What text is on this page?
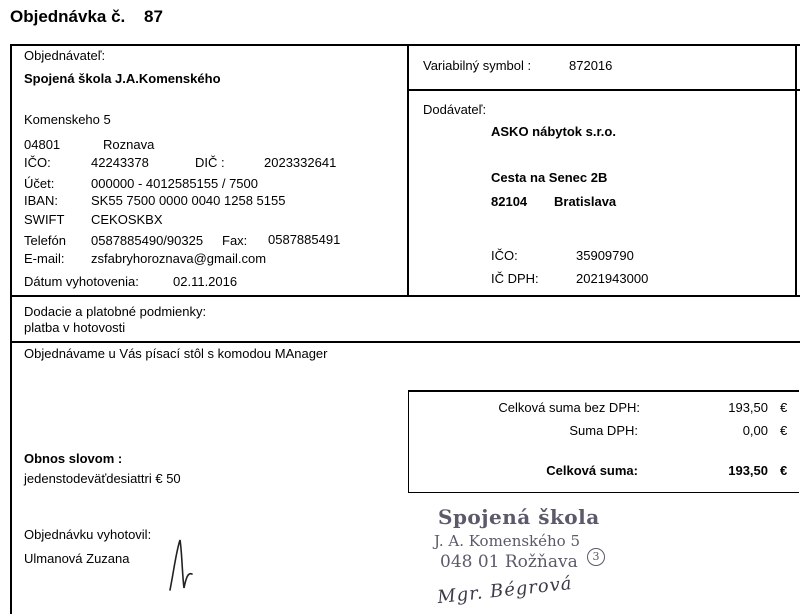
Objednávka č. 87
Objednávateľ:
Spojená škola J.A.Komenského
Komenskeho 5
04801	Roznava
IČO:	42243378	DIČ :	2023332641
Účet:	000000 - 4012585155 / 7500
IBAN:	SK55 7500 0000 0040 1258 5155
SWIFT CEKOSKBX
Telefón 0587885490/90325 Fax: 0587885491
E-mail: zsfabryhoroznava@gmail.com
Dátum vyhotovenia:	02.11.2016
Variabilný symbol :	872016
Dodávateľ:
ASKO nábytok s.r.o.
Cesta na Senec 2B
82104 Bratislava
IČO:	35909790
IČ DPH:	2021943000
Dodacie a platobné podmienky:
platba v hotovosti
Objednávame u Vás písací stôl s komodou MAnager
Celková suma bez DPH:	193,50 €
Suma DPH:	0,00 €
Celková suma:	193,50 €
Obnos slovom :
jedenstodeväťdesiattri € 50
Objednávku vyhotovil:
Ulmanová Zuzana
Spojená škola
J. A. Komenského 5
048 01 Rožňava	3
Mgr. Bégrová
